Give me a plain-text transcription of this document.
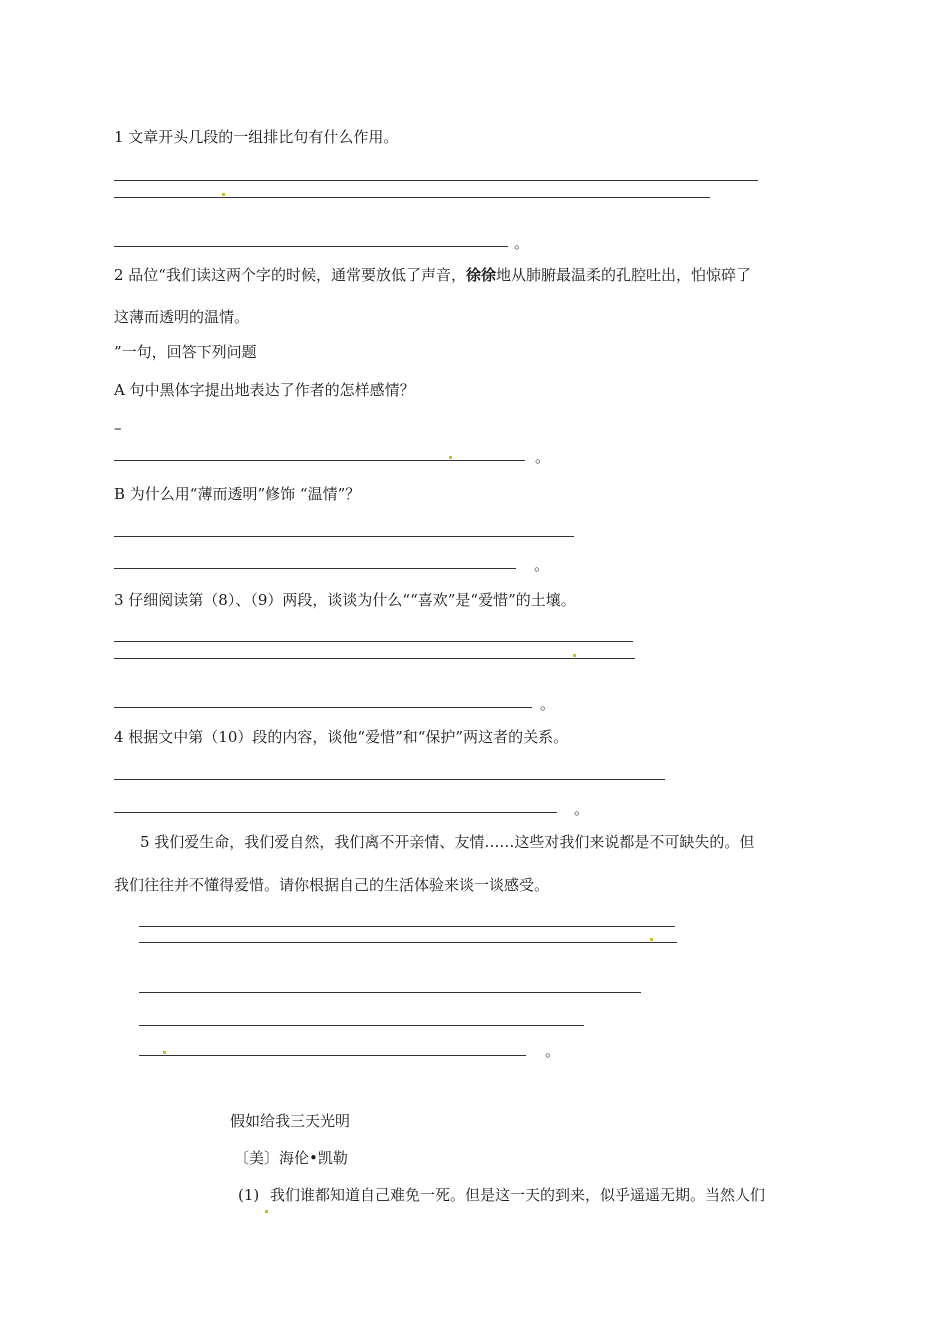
1 文章开头几段的一组排比句有什么作用。
。
2 品位“我们读这两个字的时候，通常要放低了声音，徐徐地从肺腑最温柔的孔腔吐出，怕惊碎了
这薄而透明的温情。
”一句，回答下列问题
A 句中黑体字提出地表达了作者的怎样感情？
–
。
B 为什么用“薄而透明”修饰 “温情”？
。
3 仔细阅读第（8）、（9）两段，谈谈为什么““喜欢”是“爱惜”的土壤。
。
4 根据文中第（10）段的内容，谈他“爱惜”和“保护”两这者的关系。
。
5 我们爱生命，我们爱自然，我们离不开亲情、友情……这些对我们来说都是不可缺失的。但
我们往往并不懂得爱惜。请你根据自己的生活体验来谈一谈感受。
。
假如给我三天光明
〔美〕海伦•凯勒
(1) 我们谁都知道自己难免一死。但是这一天的到来，似乎遥遥无期。当然人们
